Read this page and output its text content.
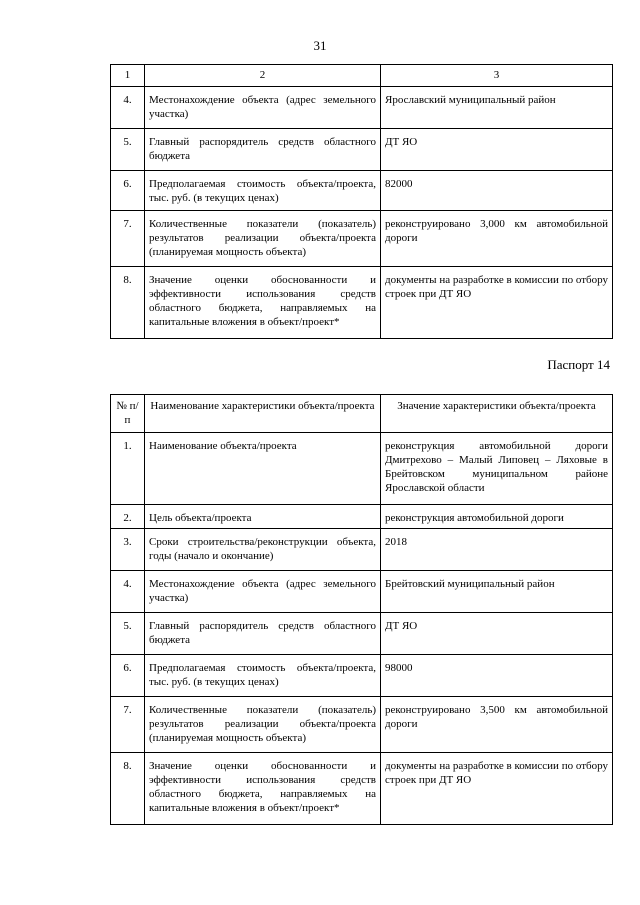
31
1	2	3
4.	Местонахождение объекта (адрес земельного участка)	Ярославский муниципальный район
5.	Главный распорядитель средств областного бюджета	ДТ ЯО
6.	Предполагаемая стоимость объекта/проекта, тыс. руб. (в текущих ценах)	82000
7.	Количественные показатели (показатель) результатов реализации объекта/проекта (планируемая мощность объекта)	реконструировано 3,000 км автомобильной дороги
8.	Значение оценки обоснованности и эффективности использования средств областного бюджета, направляемых на капитальные вложения в объект/проект*	документы на разработке в комиссии по отбору строек при ДТ ЯО
Паспорт 14
№ п/п	Наименование характеристики объекта/проекта	Значение характеристики объекта/проекта
1.	Наименование объекта/проекта	реконструкция автомобильной дороги Дмитрехово – Малый Липовец – Ляховые в Брейтовском муниципальном районе Ярославской области
2.	Цель объекта/проекта	реконструкция автомобильной дороги
3.	Сроки строительства/реконструкции объекта, годы (начало и окончание)	2018
4.	Местонахождение объекта (адрес земельного участка)	Брейтовский муниципальный район
5.	Главный распорядитель средств областного бюджета	ДТ ЯО
6.	Предполагаемая стоимость объекта/проекта, тыс. руб. (в текущих ценах)	98000
7.	Количественные показатели (показатель) результатов реализации объекта/проекта (планируемая мощность объекта)	реконструировано 3,500 км автомобильной дороги
8.	Значение оценки обоснованности и эффективности использования средств областного бюджета, направляемых на капитальные вложения в объект/проект*	документы на разработке в комиссии по отбору строек при ДТ ЯО
